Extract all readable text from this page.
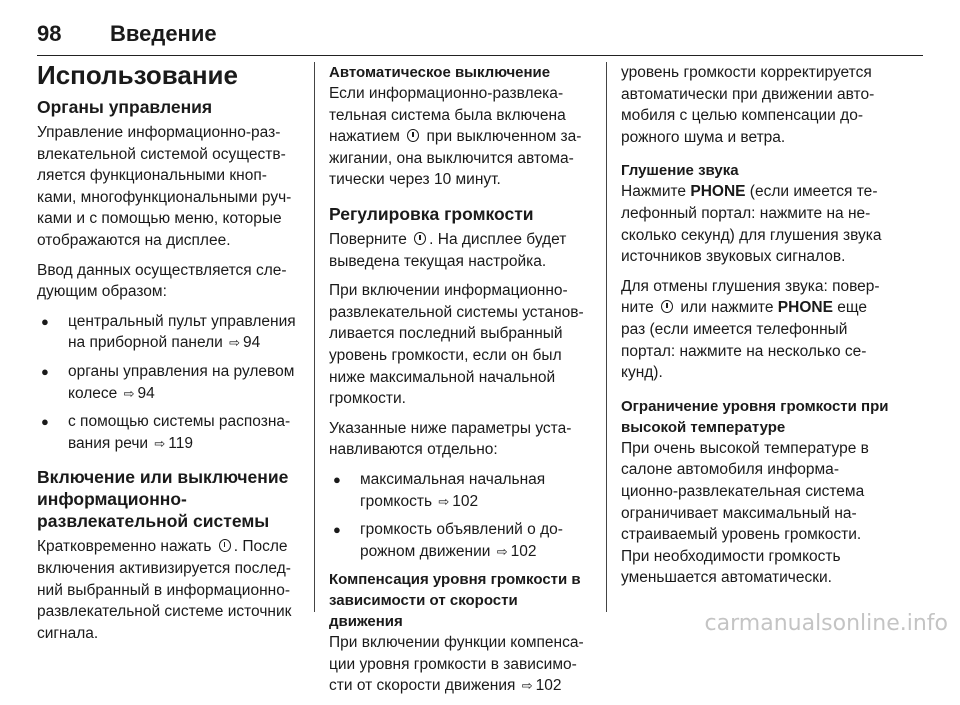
98 Введение
Использование
Органы управления

Управление информационно-развлекательной системой осуществляется функциональными кнопками, многофункциональными ручками и с помощью меню, которые отображаются на дисплее.

Ввод данных осуществляется следующим образом:

● центральный пульт управления на приборной панели ⇨ 94
● органы управления на рулевом колесе ⇨ 94
● с помощью системы распознавания речи ⇨ 119
Включение или выключение информационно-развлекательной системы

Кратковременно нажать . После включения активизируется последний выбранный в информационно-развлекательной системе источник сигнала.

Автоматическое выключение

Если информационно-развлекательная система была включена нажатием при выключенном зажигании, она выключится автоматически через 10 минут.

Регулировка громкости

Поверните . На дисплее будет выведена текущая настройка.

При включении информационно-развлекательной системы установливается последний выбранный уровень громкости, если он был ниже максимальной начальной громкости.

Указанные ниже параметры устанавливаются отдельно:

● максимальная начальная громкость ⇨ 102
● громкость объявлений о дорожном движении ⇨ 102
Компенсация уровня громкости в зависимости от скорости движения

При включении функции компенсации уровня громкости в зависимости от скорости движения ⇨ 102

уровень громкости корректируется автоматически при движении автомобиля с целью компенсации дорожного шума и ветра.

Глушение звука

Нажмите PHONE (если имеется телефонный портал: нажмите на несколько секунд) для глушения звука источников звуковых сигналов.

Для отмены глушения звука: поверните или нажмите PHONE еще раз (если имеется телефонный портал: нажмите на несколько секунд).

Ограничение уровня громкости при высокой температуре

При очень высокой температуре в салоне автомобиля информационно-развлекательная система ограничивает максимальный настраиваемый уровень громкости. При необходимости громкость уменьшается автоматически.

carmanualsonline.info
